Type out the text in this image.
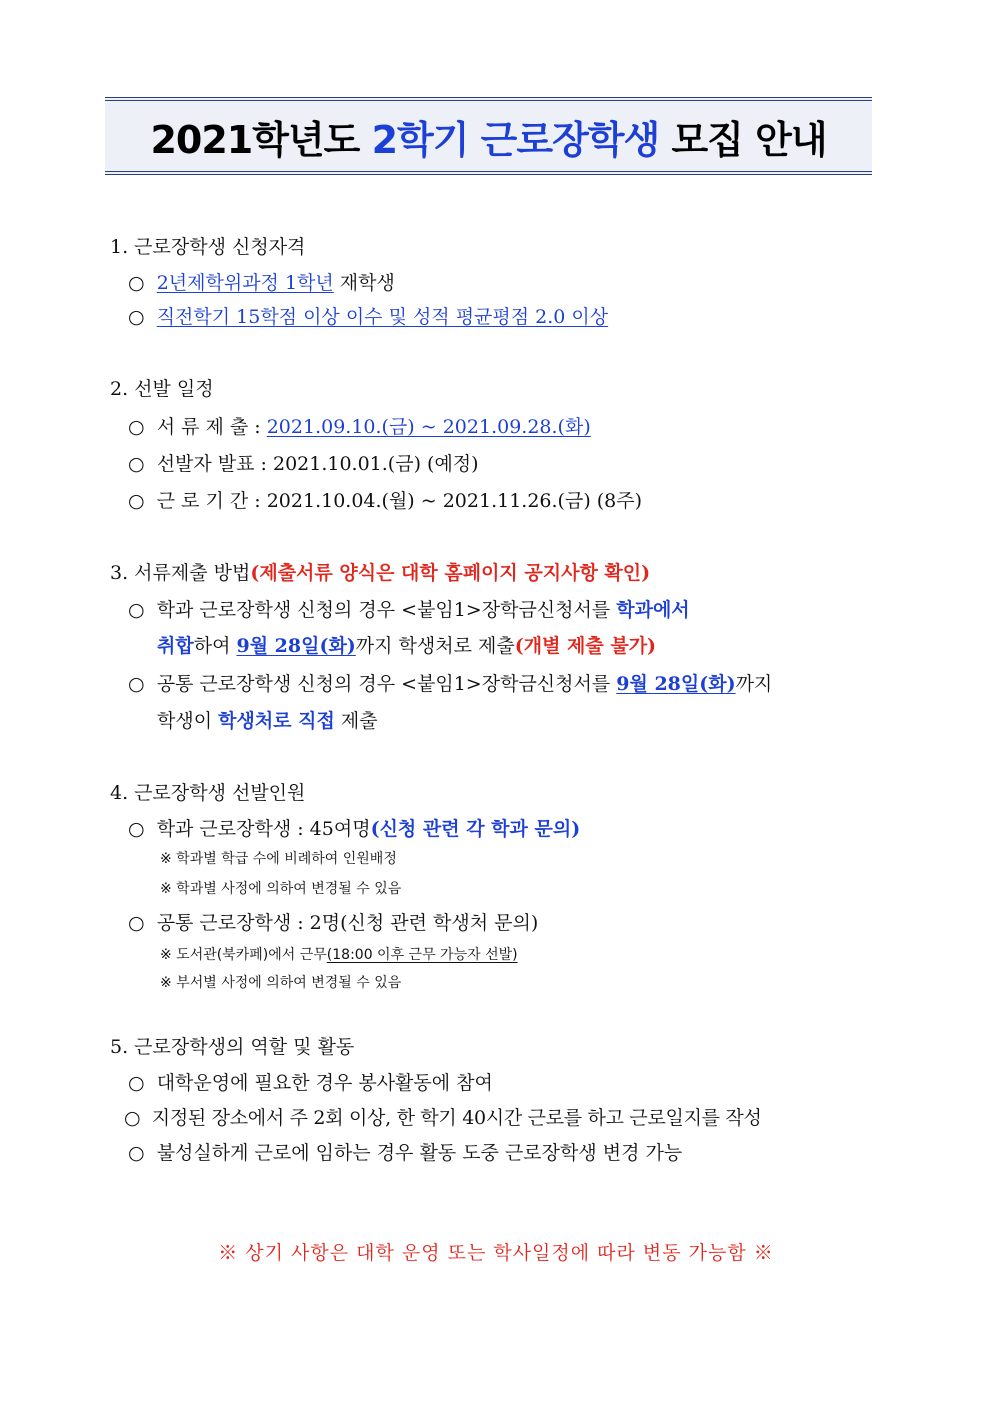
2021학년도 2학기 근로장학생 모집 안내
1. 근로장학생 신청자격
○ 2년제학위과정 1학년 재학생
○ 직전학기 15학점 이상 이수 및 성적 평균평점 2.0 이상
2. 선발 일정
○ 서 류 제 출 : 2021.09.10.(금) ~ 2021.09.28.(화)
○ 선발자 발표 : 2021.10.01.(금) (예정)
○ 근 로 기 간 : 2021.10.04.(월) ~ 2021.11.26.(금) (8주)
3. 서류제출 방법(제출서류 양식은 대학 홈페이지 공지사항 확인)
○ 학과 근로장학생 신청의 경우 <붙임1>장학금신청서를 학과에서
취합하여 9월 28일(화)까지 학생처로 제출(개별 제출 불가)
○ 공통 근로장학생 신청의 경우 <붙임1>장학금신청서를 9월 28일(화)까지
학생이 학생처로 직접 제출
4. 근로장학생 선발인원
○ 학과 근로장학생 : 45여명(신청 관련 각 학과 문의)
※ 학과별 학급 수에 비례하여 인원배정
※ 학과별 사정에 의하여 변경될 수 있음
○ 공통 근로장학생 : 2명(신청 관련 학생처 문의)
※ 도서관(북카페)에서 근무(18:00 이후 근무 가능자 선발)
※ 부서별 사정에 의하여 변경될 수 있음
5. 근로장학생의 역할 및 활동
○ 대학운영에 필요한 경우 봉사활동에 참여
○ 지정된 장소에서 주 2회 이상, 한 학기 40시간 근로를 하고 근로일지를 작성
○ 불성실하게 근로에 임하는 경우 활동 도중 근로장학생 변경 가능
※ 상기 사항은 대학 운영 또는 학사일정에 따라 변동 가능함 ※
